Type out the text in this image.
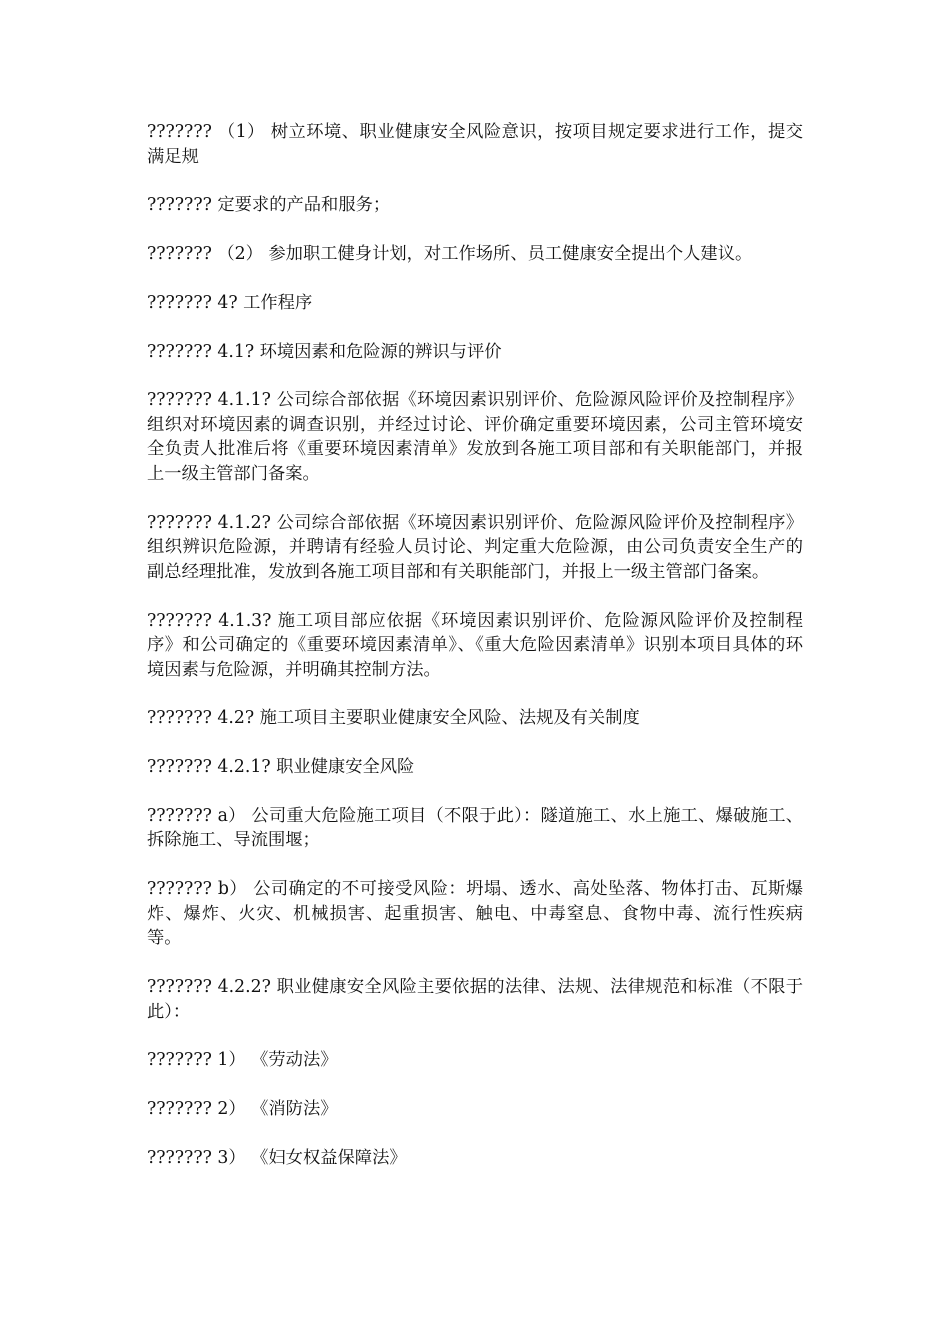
??????? （1） 树立环境、职业健康安全风险意识，按项目规定要求进行工作，提交满足规

??????? 定要求的产品和服务；

??????? （2） 参加职工健身计划，对工作场所、员工健康安全提出个人建议。

??????? 4? 工作程序

??????? 4.1? 环境因素和危险源的辨识与评价

??????? 4.1.1? 公司综合部依据《环境因素识别评价、危险源风险评价及控制程序》组织对环境因素的调查识别，并经过讨论、评价确定重要环境因素，公司主管环境安全负责人批准后将《重要环境因素清单》发放到各施工项目部和有关职能部门，并报上一级主管部门备案。

??????? 4.1.2? 公司综合部依据《环境因素识别评价、危险源风险评价及控制程序》组织辨识危险源，并聘请有经验人员讨论、判定重大危险源，由公司负责安全生产的副总经理批准，发放到各施工项目部和有关职能部门，并报上一级主管部门备案。

??????? 4.1.3? 施工项目部应依据《环境因素识别评价、危险源风险评价及控制程序》和公司确定的《重要环境因素清单》、《重大危险因素清单》识别本项目具体的环境因素与危险源，并明确其控制方法。

??????? 4.2? 施工项目主要职业健康安全风险、法规及有关制度

??????? 4.2.1? 职业健康安全风险

??????? a） 公司重大危险施工项目（不限于此）：隧道施工、水上施工、爆破施工、拆除施工、导流围堰；

??????? b） 公司确定的不可接受风险：坍塌、透水、高处坠落、物体打击、瓦斯爆炸、爆炸、火灾、机械损害、起重损害、触电、中毒窒息、食物中毒、流行性疾病等。

??????? 4.2.2? 职业健康安全风险主要依据的法律、法规、法律规范和标准（不限于此）：

??????? 1） 《劳动法》

??????? 2） 《消防法》

??????? 3） 《妇女权益保障法》
